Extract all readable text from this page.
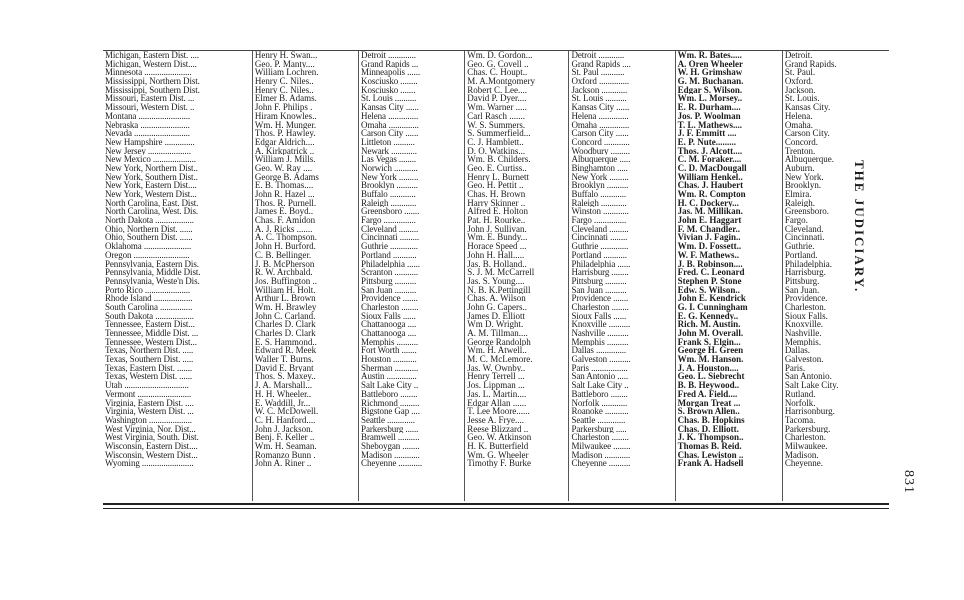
Michigan, Eastern Dist. ....
Michigan, Western Dist....
Minnesota ......................
Mississippi, Northern Dist.
Mississippi, Southern Dist.
Missouri, Eastern Dist. ...
Missouri, Western Dist. ..
Montana ........................
Nebraska .......................
Nevada ..........................
New Hampshire ..............
New Jersey ....................
New Mexico ....................
New York, Northern Dist..
New York, Southern Dist..
New York, Eastern Dist....
New York, Western Dist...
North Carolina, East. Dist.
North Carolina, West. Dis.
North Dakota ..................
Ohio, Northern Dist. ......
Ohio, Southern Dist. ......
Oklahoma ......................
Oregon ..........................
Pennsylvania, Eastern Dis.
Pennsylvania, Middle Dist.
Pennsylvania, Weste'n Dis.
Porto Rico .....................
Rhode Island ..................
South Carolina ...............
South Dakota ..................
Tennessee, Eastern Dist...
Tennessee, Middle Dist. ...
Tennessee, Western Dist...
Texas, Northern Dist. .....
Texas, Southern Dist. .....
Texas, Eastern Dist. .......
Texas, Western Dist. ......
Utah ..............................
Vermont .........................
Virginia, Eastern Dist. ....
Virginia, Western Dist. ...
Washington ....................
West Virginia, Nor. Dist...
West Virginia, South. Dist.
Wisconsin, Eastern Dist....
Wisconsin, Western Dist...
Wyoming ........................
Henry H. Swan...
Geo. P. Manty....
William Lochren.
Henry C. Niles..
Henry C. Niles..
Elmer B. Adams.
John F. Philips .
Hiram Knowles..
Wm. H. Munger.
Thos. P. Hawley.
Edgar Aldrich....
A. Kirkpatrick ..
William J. Mills.
Geo. W. Ray ....
George B. Adams
E. B. Thomas....
John R. Hazel ...
Thos. R. Purnell.
James E. Boyd..
Chas. F. Amidon
A. J. Ricks .......
A. C. Thompson.
John H. Burford.
C. B. Bellinger.
J. B. McPherson
R. W. Archbald.
Jos. Buffington ..
William H. Holt.
Arthur L. Brown
Wm. H. Brawley
John C. Carland.
Charles D. Clark
Charles D. Clark
E. S. Hammond..
Edward R. Meek
Waller T. Burns.
David E. Bryant
Thos. S. Maxey..
J. A. Marshall...
H. H. Wheeler..
E. Waddill, Jr...
W. C. McDowell.
C. H. Hanford....
John J. Jackson.
Benj. F. Keller ..
Wm. H. Seaman.
Romanzo Bunn .
John A. Riner ..
Detroit .............
Grand Rapids ...
Minneapolis ......
Kosciusko ........
Kosciusko .......
St. Louis ..........
Kansas City ......
Helena ..............
Omaha ..............
Carson City ......
Littleton ..........
Newark ............
Las Vegas ........
Norwich ...........
New York .........
Brooklyn ..........
Buffalo ............
Raleigh ............
Greensboro .......
Fargo ...............
Cleveland .........
Cincinnati .........
Guthrie .............
Portland ...........
Philadelphia ......
Scranton ...........
Pittsburg ..........
San Juan ..........
Providence .......
Charleston ........
Sioux Falls ......
Chattanooga ....
Chattanooga ....
Memphis ..........
Fort Worth .......
Houston ...........
Sherman ...........
Austin ..............
Salt Lake City ..
Battleboro ........
Richmond .........
Bigstone Gap ....
Seattle .............
Parkersburg ......
Bramwell ..........
Sheboygan ........
Madison ............
Cheyenne ...........
Wm. D. Gordon...
Geo. G. Covell ..
Chas. C. Houpt..
M. A.Montgomery
Robert C. Lee....
David P. Dyer....
Wm. Warner .....
Carl Rasch .......
W. S. Summers.
S. Summerfield...
C. J. Hamblett..
D. O. Watkins...
Wm. B. Childers.
Geo. E. Curtiss..
Henry L. Burnett
Geo. H. Pettit ..
Chas. H. Brown
Harry Skinner ..
Alfred E. Holton
Pat. H. Rourke..
John J. Sullivan.
Wm. E. Bundy...
Horace Speed ...
John H. Hall.....
Jas. B. Holland..
S. J. M. McCarrell
Jas. S. Young....
N. B. K.Pettingill
Chas. A. Wilson
John G. Capers..
James D. Elliott
Wm D. Wright.
A. M. Tillman....
George Randolph
Wm. H. Atwell..
M. C. McLemore.
Jas. W. Ownby..
Henry Terrell ...
Jos. Lippman ...
Jas. L. Martin....
Edgar Allan ......
T. Lee Moore......
Jesse A. Frye....
Reese Blizzard ..
Geo. W. Atkinson
H. K. Butterfield
Wm. G. Wheeler
Timothy F. Burke
Detroit ............
Grand Rapids ....
St. Paul ...........
Oxford ..............
Jackson ............
St. Louis ..........
Kansas City ......
Helena ..............
Omaha ..............
Carson City ......
Concord ............
Woodbury .........
Albuquerque .....
Binghamton .....
New York .........
Brooklyn ..........
Buffalo ............
Raleigh ............
Winston ............
Fargo ...............
Cleveland .........
Cincinnati ........
Guthrie .............
Portland ...........
Philadelphia ......
Harrisburg ........
Pittsburg ..........
San Juan ..........
Providence .......
Charleston ........
Sioux Falls ......
Knoxville ..........
Nashville ..........
Memphis ..........
Dallas ..............
Galveston ..........
Paris .................
San Antonio .....
Salt Lake City ..
Battleboro ........
Norfolk ............
Roanoke ...........
Seattle .............
Parkersburg .....
Charleston ........
Milwaukee ........
Madison ............
Cheyenne ..........
Wm. R. Bates.....
A. Oren Wheeler
W. H. Grimshaw
G. M. Buchanan.
Edgar S. Wilson.
Wm. L. Morsey..
E. R. Durham....
Jos. P. Woolman
T. L. Mathews....
J. F. Emmitt ....
E. P. Nute.........
Thos. J. Alcott....
C. M. Foraker....
C. D. MacDougall
William Henkel..
Chas. J. Haubert
Wm. R. Compton
H. C. Dockery...
Jas. M. Millikan.
John E. Haggart
F. M. Chandler..
Vivian J. Fagin..
Wm. D. Fossett..
W. F. Mathews..
J. B. Robinson....
Fred. C. Leonard
Stephen P. Stone
Edw. S. Wilson..
John E. Kendrick
G. I. Cunningham
E. G. Kennedy..
Rich. M. Austin.
John M. Overall.
Frank S. Elgin...
George H. Green
Wm. M. Hanson.
J. A. Houston....
Geo. L. Siebrecht
B. B. Heywood..
Fred A. Field....
Morgan Treat ...
S. Brown Allen..
Chas. B. Hopkins
Chas. D. Elliott.
J. K. Thompson..
Thomas B. Reid.
Chas. Lewiston ..
Frank A. Hadsell
Detroit.
Grand Rapids.
St. Paul.
Oxford.
Jackson.
St. Louis.
Kansas City.
Helena.
Omaha.
Carson City.
Concord.
Trenton.
Albuquerque.
Auburn.
New York.
Brooklyn.
Elmira.
Raleigh.
Greensboro.
Fargo.
Cleveland.
Cincinnati.
Guthrie.
Portland.
Philadelphia.
Harrisburg.
Pittsburg.
San Juan.
Providence.
Charleston.
Sioux Falls.
Knoxville.
Nashville.
Memphis.
Dallas.
Galveston.
Paris.
San Antonio.
Salt Lake City.
Rutland.
Norfolk.
Harrisonburg.
Tacoma.
Parkersburg.
Charleston.
Milwaukee.
Madison.
Cheyenne.
THE JUDICIARY.
831
